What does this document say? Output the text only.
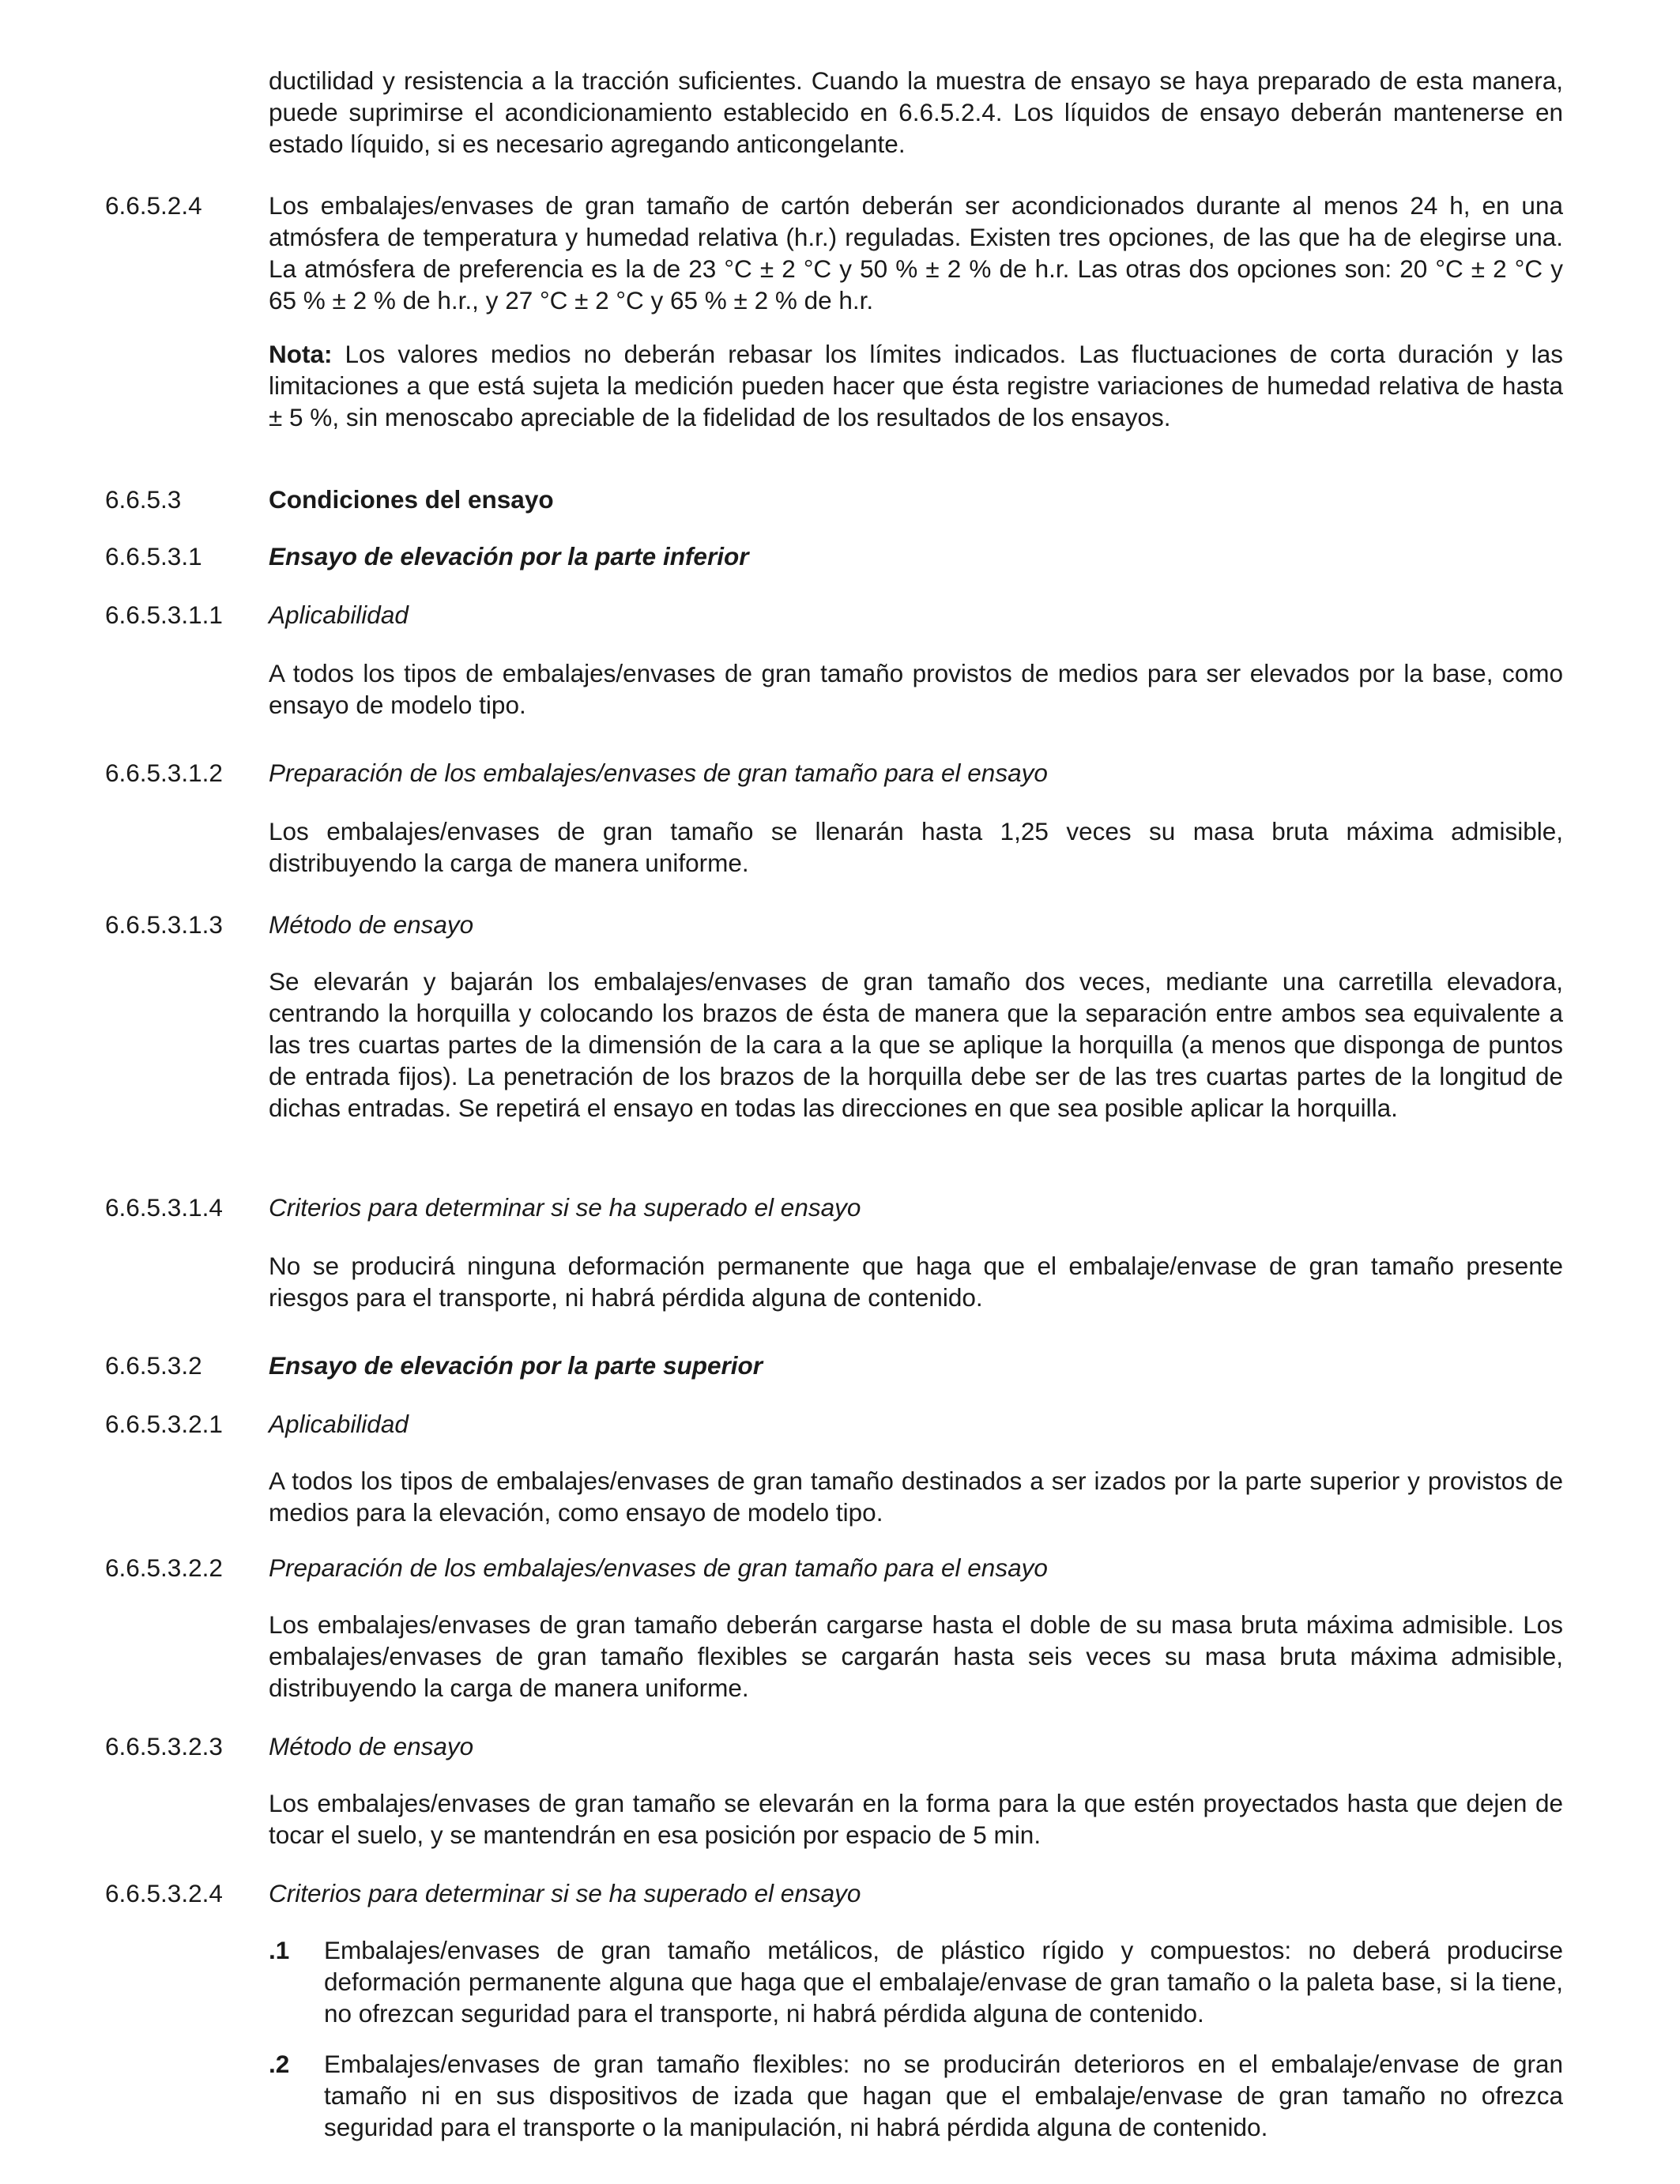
ductilidad y resistencia a la tracción suficientes. Cuando la muestra de ensayo se haya preparado de esta manera, puede suprimirse el acondicionamiento establecido en 6.6.5.2.4. Los líquidos de ensayo deberán mantenerse en estado líquido, si es necesario agregando anticongelante.

6.6.5.2.4	Los embalajes/envases de gran tamaño de cartón deberán ser acondicionados durante al menos 24 h, en una atmósfera de temperatura y humedad relativa (h.r.) reguladas. Existen tres opciones, de las que ha de elegirse una. La atmósfera de preferencia es la de 23 °C ± 2 °C y 50 % ± 2 % de h.r. Las otras dos opciones son: 20 °C ± 2 °C y 65 % ± 2 % de h.r., y 27 °C ± 2 °C y 65 % ± 2 % de h.r.

Nota: Los valores medios no deberán rebasar los límites indicados. Las fluctuaciones de corta duración y las limitaciones a que está sujeta la medición pueden hacer que ésta registre variaciones de humedad relativa de hasta ± 5 %, sin menoscabo apreciable de la fidelidad de los resultados de los ensayos.

6.6.5.3	Condiciones del ensayo
6.6.5.3.1	Ensayo de elevación por la parte inferior
6.6.5.3.1.1	Aplicabilidad

A todos los tipos de embalajes/envases de gran tamaño provistos de medios para ser elevados por la base, como ensayo de modelo tipo.

6.6.5.3.1.2	Preparación de los embalajes/envases de gran tamaño para el ensayo

Los embalajes/envases de gran tamaño se llenarán hasta 1,25 veces su masa bruta máxima admisible, distribuyendo la carga de manera uniforme.

6.6.5.3.1.3	Método de ensayo

Se elevarán y bajarán los embalajes/envases de gran tamaño dos veces, mediante una carretilla elevadora, centrando la horquilla y colocando los brazos de ésta de manera que la separación entre ambos sea equivalente a las tres cuartas partes de la dimensión de la cara a la que se aplique la horquilla (a menos que disponga de puntos de entrada fijos). La penetración de los brazos de la horquilla debe ser de las tres cuartas partes de la longitud de dichas entradas. Se repetirá el ensayo en todas las direcciones en que sea posible aplicar la horquilla.

6.6.5.3.1.4	Criterios para determinar si se ha superado el ensayo

No se producirá ninguna deformación permanente que haga que el embalaje/envase de gran tamaño presente riesgos para el transporte, ni habrá pérdida alguna de contenido.

6.6.5.3.2	Ensayo de elevación por la parte superior
6.6.5.3.2.1	Aplicabilidad

A todos los tipos de embalajes/envases de gran tamaño destinados a ser izados por la parte superior y provistos de medios para la elevación, como ensayo de modelo tipo.

6.6.5.3.2.2	Preparación de los embalajes/envases de gran tamaño para el ensayo

Los embalajes/envases de gran tamaño deberán cargarse hasta el doble de su masa bruta máxima admisible. Los embalajes/envases de gran tamaño flexibles se cargarán hasta seis veces su masa bruta máxima admisible, distribuyendo la carga de manera uniforme.

6.6.5.3.2.3	Método de ensayo

Los embalajes/envases de gran tamaño se elevarán en la forma para la que estén proyectados hasta que dejen de tocar el suelo, y se mantendrán en esa posición por espacio de 5 min.

6.6.5.3.2.4	Criterios para determinar si se ha superado el ensayo
.1	Embalajes/envases de gran tamaño metálicos, de plástico rígido y compuestos: no deberá producirse deformación permanente alguna que haga que el embalaje/envase de gran tamaño o la paleta base, si la tiene, no ofrezcan seguridad para el transporte, ni habrá pérdida alguna de contenido.

.2	Embalajes/envases de gran tamaño flexibles: no se producirán deterioros en el embalaje/envase de gran tamaño ni en sus dispositivos de izada que hagan que el embalaje/envase de gran tamaño no ofrezca seguridad para el transporte o la manipulación, ni habrá pérdida alguna de contenido.
